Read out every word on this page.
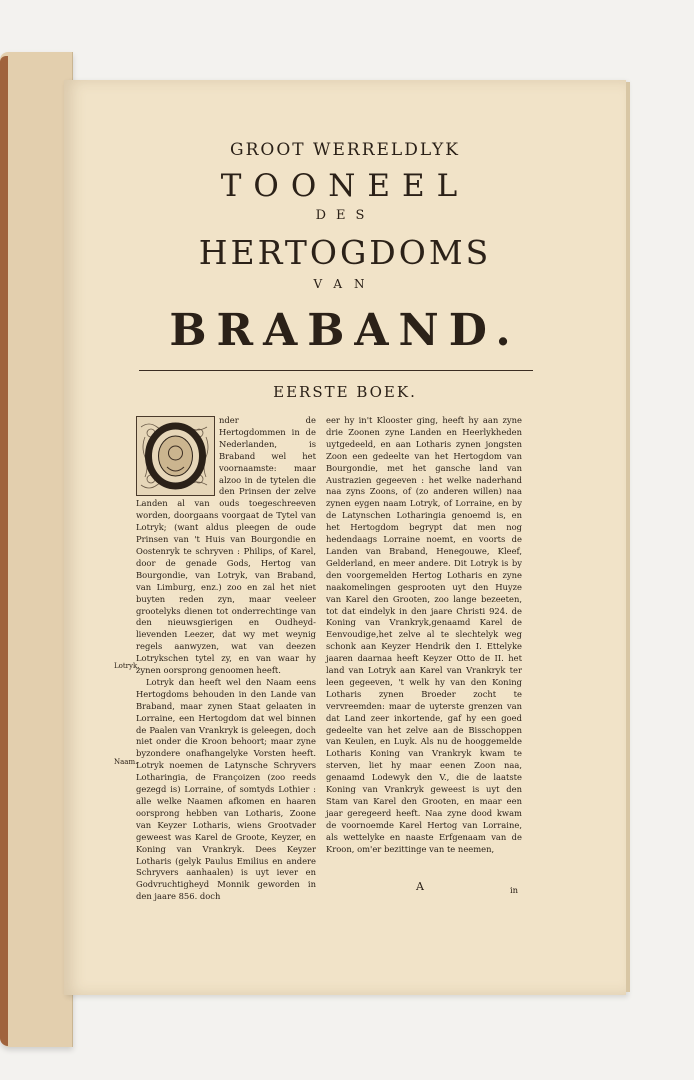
GROOT WERRELDLYK
TOONEEL
DES
HERTOGDOMS
VAN
BRABAND.
EERSTE BOEK.

nder de Hertogdommen in de Nederlanden, is Braband wel het voornaamste: maar alzoo in de tytelen die den Prinsen der zelve Landen al van ouds toegeschreeven worden, doorgaans voorgaat de Tytel van Lotryk; (want aldus pleegen de oude Prinsen van 't Huis van Bourgondie en Oostenryk te schryven : Philips, of Karel, door de genade Gods, Hertog van Bourgondie, van Lotryk, van Braband, van Limburg, enz.) zoo en zal het niet buyten reden zyn, maar veeleer grootelyks dienen tot onderrechtinge van den nieuwsgierigen en Oudheyd-lievenden Leezer, dat wy met weynig regels aanwyzen, wat van deezen Lotrykschen tytel zy, en van waar hy zynen oorsprong genoomen heeft.

Lotryk dan heeft wel den Naam eens Hertogdoms behouden in den Lande van Braband, maar zynen Staat gelaaten in Lorraine, een Hertogdom dat wel binnen de Paalen van Vrankryk is geleegen, doch niet onder die Kroon behoort; maar zyne byzondere onafhangelyke Vorsten heeft. Lotryk noemen de Latynsche Schryvers Lotharingia, de Françoizen (zoo reeds gezegd is) Lorraine, of somtyds Lothier : alle welke Naamen afkomen en haaren oorsprong hebben van Lotharis, Zoone van Keyzer Lotharis, wiens Grootvader geweest was Karel de Groote, Keyzer, en Koning van Vrankryk. Dees Keyzer Lotharis (gelyk Paulus Emilius en andere Schryvers aanhaalen) is uyt iever en Godvruchtigheyd Monnik geworden in den jaare 856. doch

eer hy in't Klooster ging, heeft hy aan zyne drie Zoonen zyne Landen en Heerlykheden uytgedeeld, en aan Lotharis zynen jongsten Zoon een gedeelte van het Hertogdom van Bourgondie, met het gansche land van Austrazien gegeeven : het welke naderhand naa zyns Zoons, of (zo anderen willen) naa zynen eygen naam Lotryk, of Lorraine, en by de Latynschen Lotharingia genoemd is, en het Hertogdom begrypt dat men nog hedendaags Lorraine noemt, en voorts de Landen van Braband, Henegouwe, Kleef, Gelderland, en meer andere. Dit Lotryk is by den voorgemelden Hertog Lotharis en zyne naakomelingen gesprooten uyt den Huyze van Karel den Grooten, zoo lange bezeeten, tot dat eindelyk in den jaare Christi 924. de Koning van Vrankryk,genaamd Karel de Eenvoudige,het zelve al te slechtelyk weg schonk aan Keyzer Hendrik den I. Ettelyke jaaren daarnaa heeft Keyzer Otto de II. het land van Lotryk aan Karel van Vrankryk ter leen gegeeven, 't welk hy van den Koning Lotharis zynen Broeder zocht te vervreemden: maar de uyterste grenzen van dat Land zeer inkortende, gaf hy een goed gedeelte van het zelve aan de Bisschoppen van Keulen, en Luyk. Als nu de hooggemelde Lotharis Koning van Vrankryk kwam te sterven, liet hy maar eenen Zoon naa, genaamd Lodewyk den V., die de laatste Koning van Vrankryk geweest is uyt den Stam van Karel den Grooten, en maar een jaar geregeerd heeft. Naa zyne dood kwam de voornoemde Karel Hertog van Lorraine, als wettelyke en naaste Erfgenaam van de Kroon, om'er bezittinge van te neemen,

Lotryk.
Naam.
A	in
